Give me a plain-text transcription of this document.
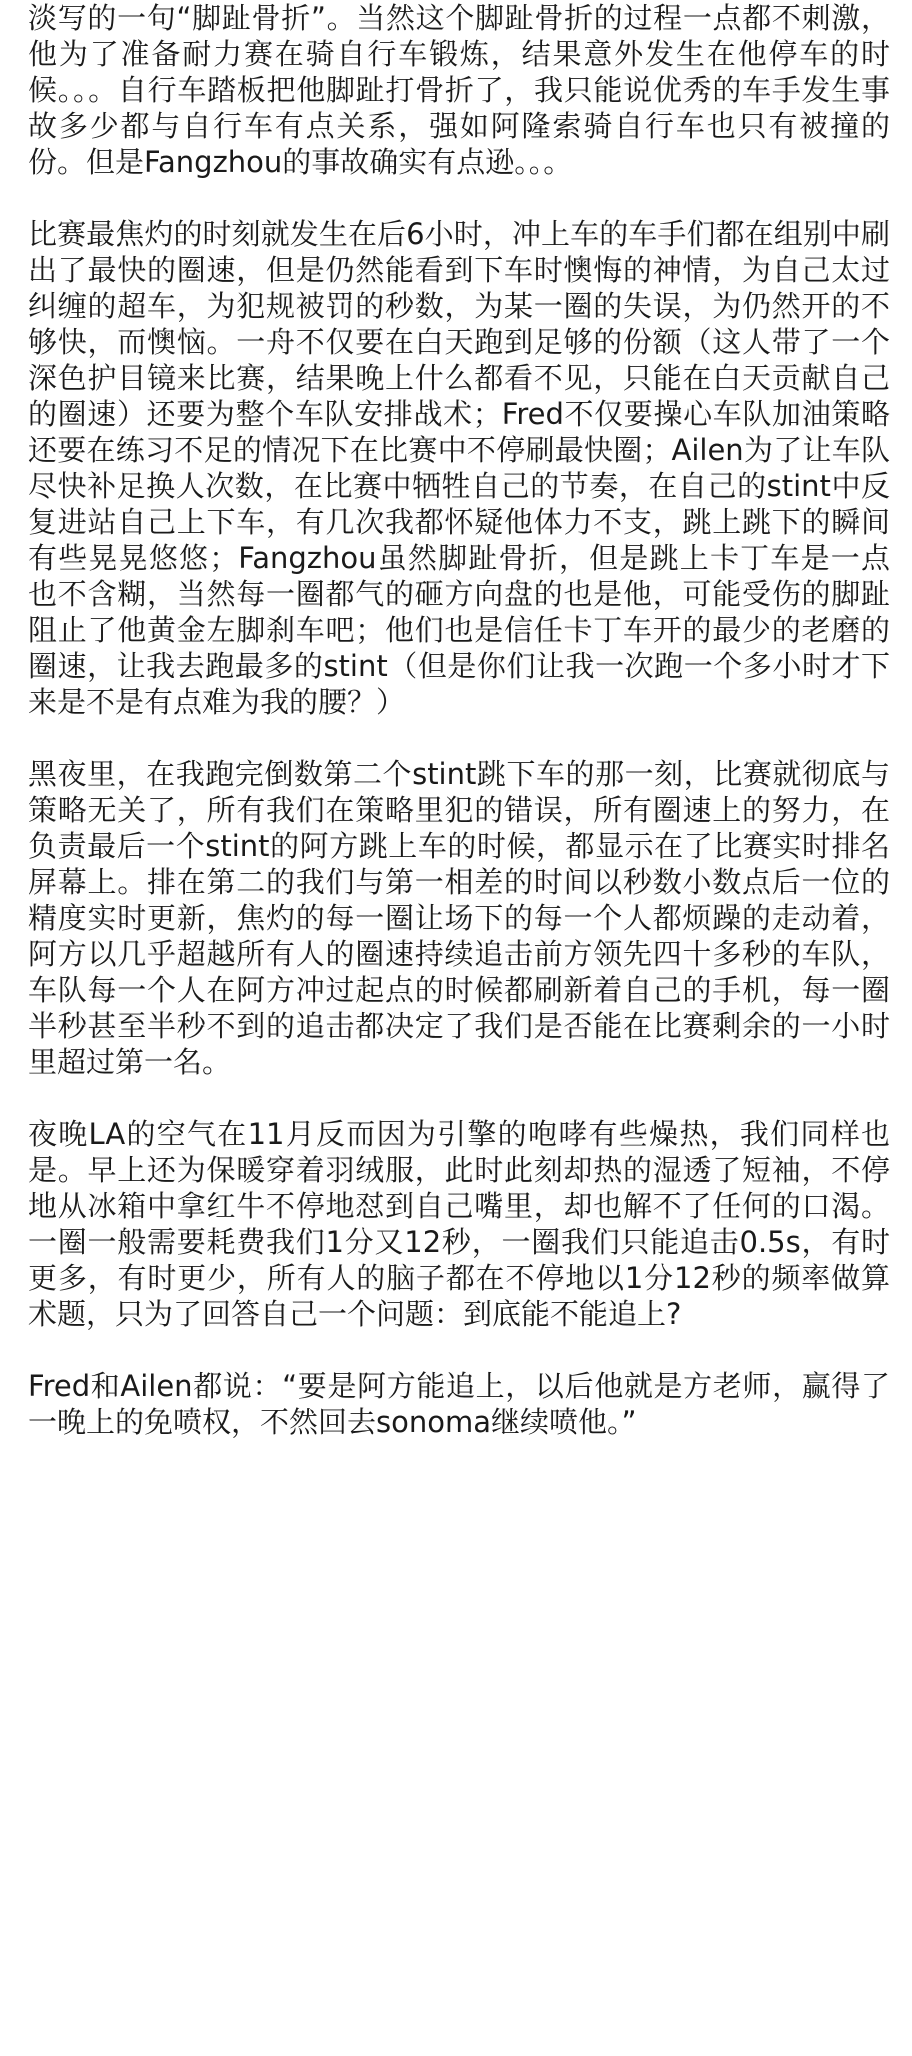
淡写的一句“脚趾骨折”。当然这个脚趾骨折的过程一点都不刺激，他为了准备耐力赛在骑自行车锻炼，结果意外发生在他停车的时候。。。自行车踏板把他脚趾打骨折了，我只能说优秀的车手发生事故多少都与自行车有点关系，强如阿隆索骑自行车也只有被撞的份。但是Fangzhou的事故确实有点逊。。。

比赛最焦灼的时刻就发生在后6小时，冲上车的车手们都在组别中刷出了最快的圈速，但是仍然能看到下车时懊悔的神情，为自己太过纠缠的超车，为犯规被罚的秒数，为某一圈的失误，为仍然开的不够快，而懊恼。一舟不仅要在白天跑到足够的份额（这人带了一个深色护目镜来比赛，结果晚上什么都看不见，只能在白天贡献自己的圈速）还要为整个车队安排战术；Fred不仅要操心车队加油策略还要在练习不足的情况下在比赛中不停刷最快圈；Ailen为了让车队尽快补足换人次数，在比赛中牺牲自己的节奏，在自己的stint中反复进站自己上下车，有几次我都怀疑他体力不支，跳上跳下的瞬间有些晃晃悠悠；Fangzhou虽然脚趾骨折，但是跳上卡丁车是一点也不含糊，当然每一圈都气的砸方向盘的也是他，可能受伤的脚趾阻止了他黄金左脚刹车吧；他们也是信任卡丁车开的最少的老磨的圈速，让我去跑最多的stint（但是你们让我一次跑一个多小时才下来是不是有点难为我的腰？）

黑夜里，在我跑完倒数第二个stint跳下车的那一刻，比赛就彻底与策略无关了，所有我们在策略里犯的错误，所有圈速上的努力，在负责最后一个stint的阿方跳上车的时候，都显示在了比赛实时排名屏幕上。排在第二的我们与第一相差的时间以秒数小数点后一位的精度实时更新，焦灼的每一圈让场下的每一个人都烦躁的走动着，阿方以几乎超越所有人的圈速持续追击前方领先四十多秒的车队，车队每一个人在阿方冲过起点的时候都刷新着自己的手机，每一圈半秒甚至半秒不到的追击都决定了我们是否能在比赛剩余的一小时里超过第一名。

夜晚LA的空气在11月反而因为引擎的咆哮有些燥热，我们同样也是。早上还为保暖穿着羽绒服，此时此刻却热的湿透了短袖，不停地从冰箱中拿红牛不停地怼到自己嘴里，却也解不了任何的口渴。一圈一般需要耗费我们1分又12秒，一圈我们只能追击0.5s，有时更多，有时更少，所有人的脑子都在不停地以1分12秒的频率做算术题，只为了回答自己一个问题：到底能不能追上?

Fred和Ailen都说：“要是阿方能追上，以后他就是方老师，赢得了一晚上的免喷权，不然回去sonoma继续喷他。”
